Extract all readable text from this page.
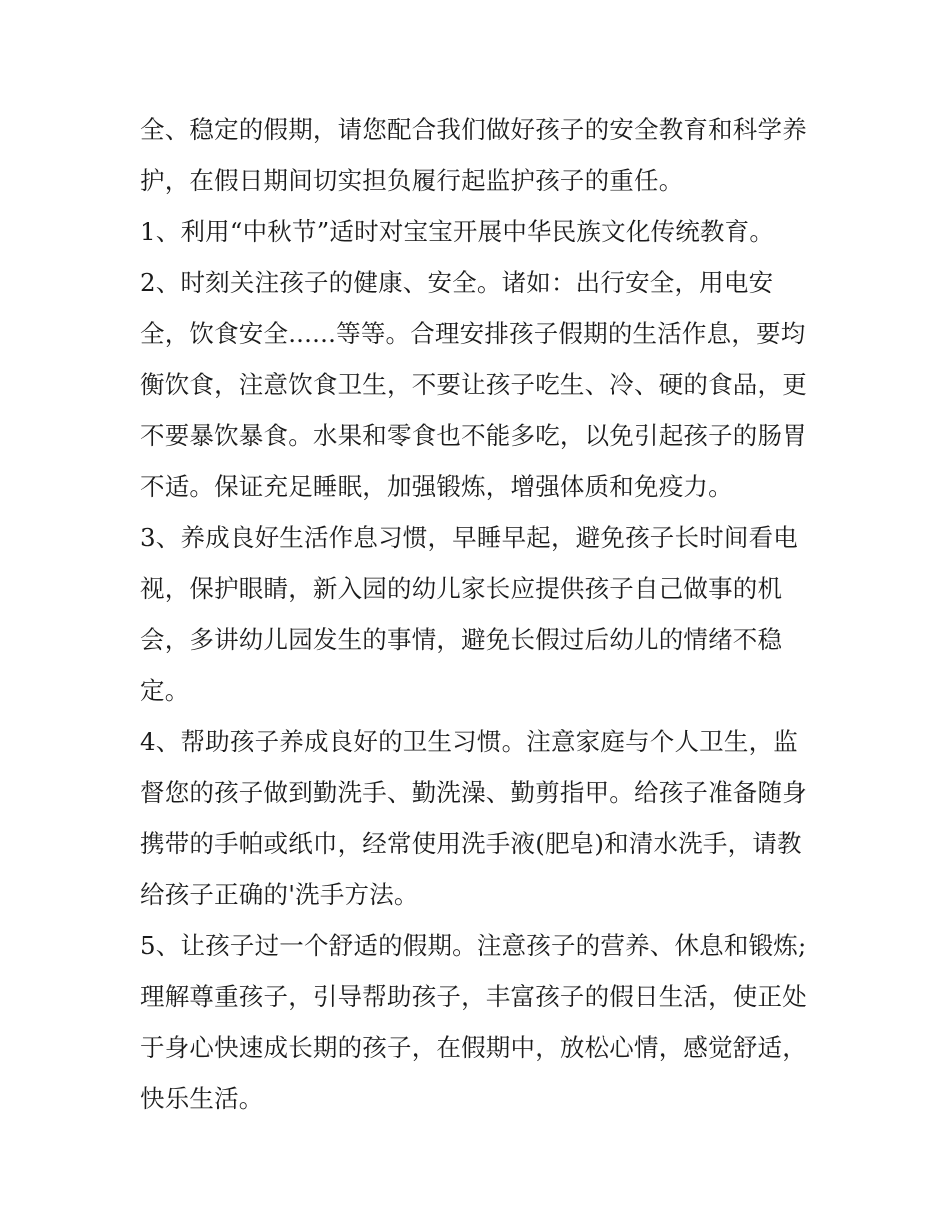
全、稳定的假期，请您配合我们做好孩子的安全教育和科学养
护，在假日期间切实担负履行起监护孩子的重任。
1、利用“中秋节”适时对宝宝开展中华民族文化传统教育。
2、时刻关注孩子的健康、安全。诸如：出行安全，用电安
全，饮食安全......等等。合理安排孩子假期的生活作息，要均
衡饮食，注意饮食卫生，不要让孩子吃生、冷、硬的食品，更
不要暴饮暴食。水果和零食也不能多吃，以免引起孩子的肠胃
不适。保证充足睡眠，加强锻炼，增强体质和免疫力。
3、养成良好生活作息习惯，早睡早起，避免孩子长时间看电
视，保护眼睛，新入园的幼儿家长应提供孩子自己做事的机
会，多讲幼儿园发生的事情，避免长假过后幼儿的情绪不稳
定。
4、帮助孩子养成良好的卫生习惯。注意家庭与个人卫生，监
督您的孩子做到勤洗手、勤洗澡、勤剪指甲。给孩子准备随身
携带的手帕或纸巾，经常使用洗手液(肥皂)和清水洗手，请教
给孩子正确的'洗手方法。
5、让孩子过一个舒适的假期。注意孩子的营养、休息和锻炼;
理解尊重孩子，引导帮助孩子，丰富孩子的假日生活，使正处
于身心快速成长期的孩子，在假期中，放松心情，感觉舒适，
快乐生活。
